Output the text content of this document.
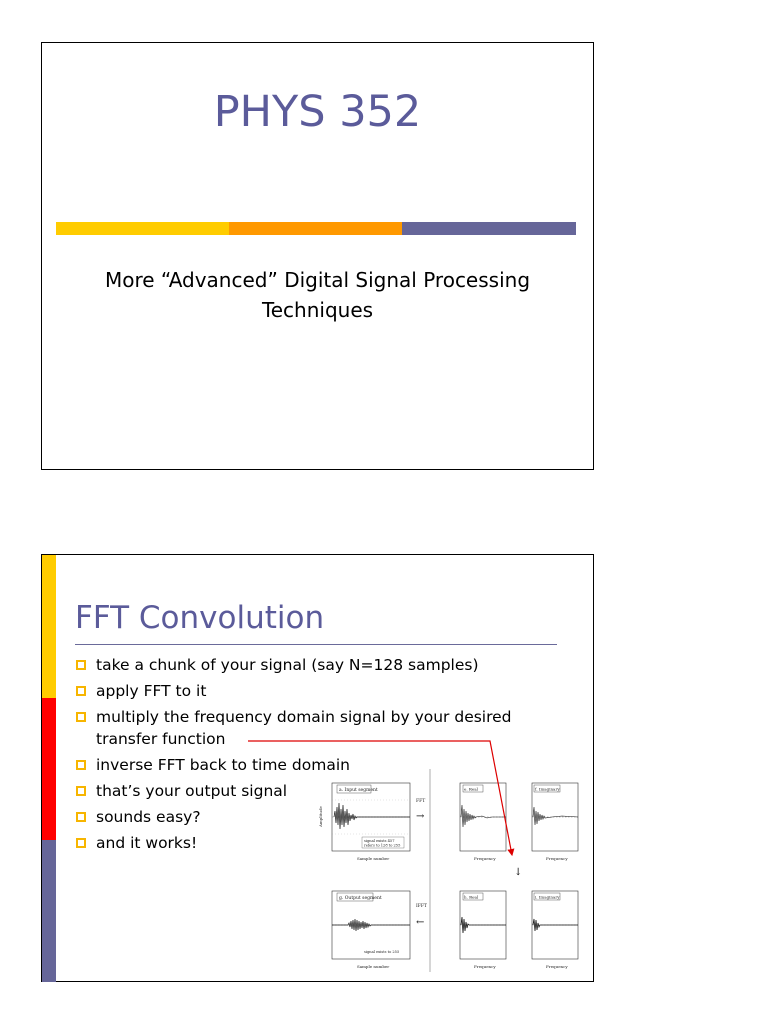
PHYS 352
More “Advanced” Digital Signal Processing
Techniques
FFT Convolution
take a chunk of your signal (say N=128 samples)
apply FFT to it
multiply the frequency domain signal by your desired transfer function
inverse FFT back to time domain
that’s your output signal
sounds easy?
and it works!
a. Input segment
signal exists 457
refers to 128 to 255
Sample number
Amplitude
FFT
→
e. Real
Frequency
f. Imaginary
Frequency
↓
g. Output segment
signal exists to 255
Sample number
IFFT
←
h. Real
Frequency
i. Imaginary
Frequency
